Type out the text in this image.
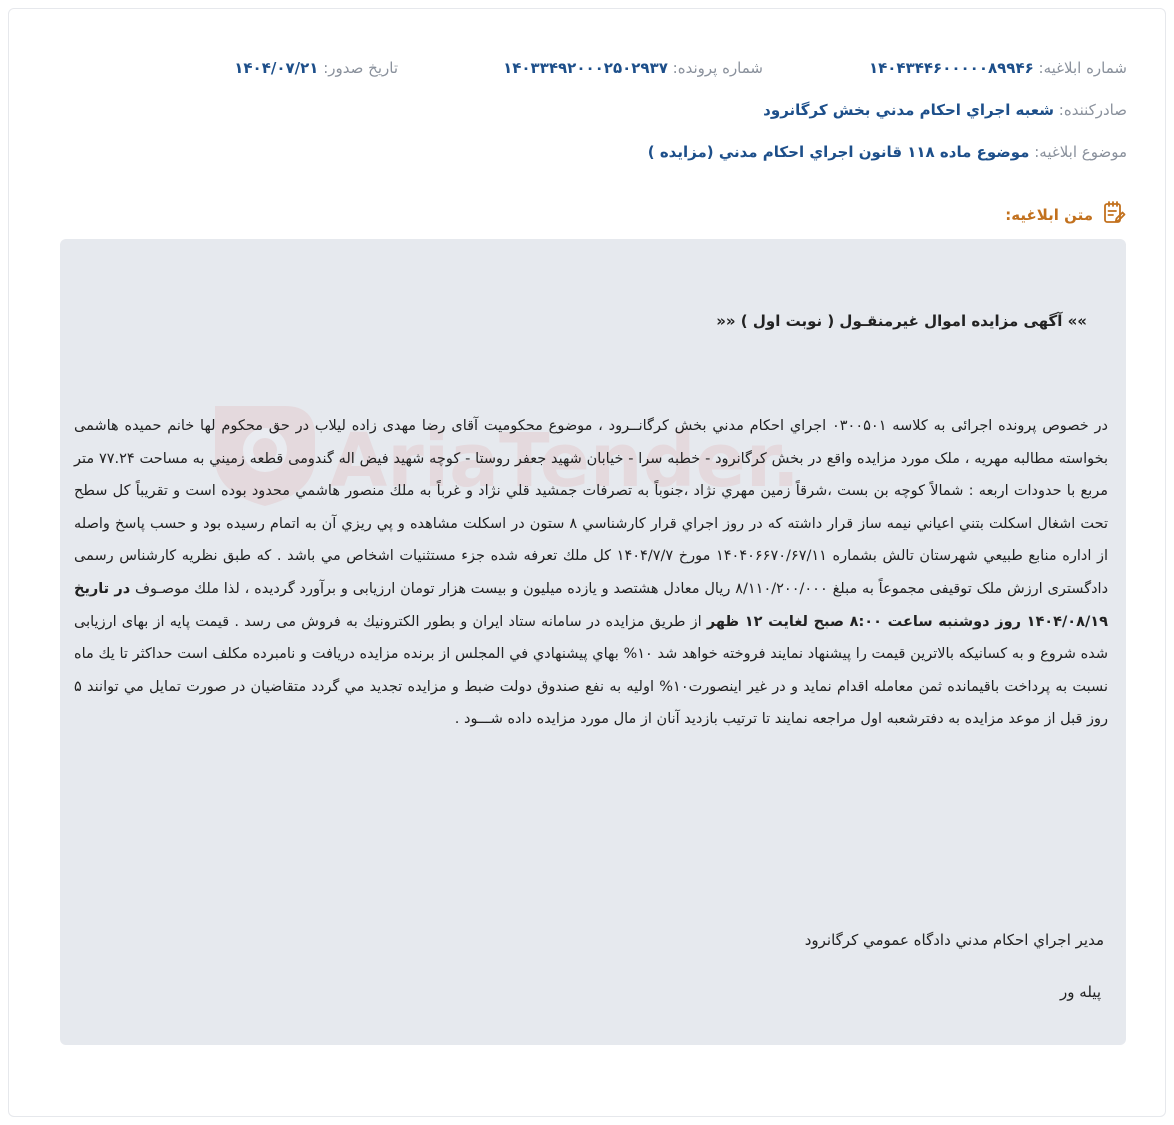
شماره ابلاغیه: ۱۴۰۴۳۴۴۶۰۰۰۰۰۸۹۹۴۶
شماره پرونده: ۱۴۰۳۳۴۹۲۰۰۰۲۵۰۲۹۳۷
تاریخ صدور: ۱۴۰۴/۰۷/۲۱
صادرکننده: شعبه اجراي احكام مدني بخش كرگانرود
موضوع ابلاغیه: موضوع ماده ۱۱۸ قانون اجراي احكام مدني (مزايده )
متن ابلاغیه:
»» آگهی مزايده اموال غيرمنقـول ( نوبت اول ) ««
در خصوص پرونده اجرائی به كلاسه ۰۳۰۰۵۰۱ اجراي احكام مدني بخش كرگانــرود ، موضوع محكوميت آقای رضا مهدی زاده ليلاب در حق محكوم لها خانم حميده هاشمی بخواسته مطالبه مهريه ، ملک مورد مزايده واقع در بخش کرگانرود - خطبه سرا - خيابان شهيد جعفر روستا - كوچه شهيد فيض اله گندومی قطعه زميني به مساحت ۷۷.۲۴ متر مربع با حدودات اربعه : شمالاً کوچه بن بست ،شرقاً زمين مهري نژاد ،جنوباً به تصرفات جمشيد قلي نژاد و غرباً به ملك منصور هاشمي محدود بوده است و تقريباً كل سطح تحت اشغال اسكلت بتني اعياني نيمه ساز قرار داشته كه در روز اجراي قرار كارشناسي ۸ ستون در اسكلت مشاهده و پي ريزي آن به اتمام رسيده بود و حسب پاسخ واصله از اداره منابع طبيعي شهرستان تالش بشماره ۱۴۰۴۰۶۶۷۰/۶۷/۱۱ مورخ ۱۴۰۴/۷/۷ كل ملك تعرفه شده جزء مستثنيات اشخاص مي باشد . كه طبق نظريه كارشناس رسمی دادگستری ارزش ملک توقيفی مجموعاً به مبلغ ۸/۱۱۰/۲۰۰/۰۰۰ ريال معادل هشتصد و يازده ميليون و بيست هزار تومان ارزيابی و برآورد گرديده ، لذا ملك موصـوف در تاريخ ۱۴۰۴/۰۸/۱۹ روز دوشنبه ساعت ۸:۰۰ صبح لغايت ۱۲ ظهر از طريق مزايده در سامانه ستاد ايران و بطور الكترونيك به فروش می رسد . قيمت پايه از بهای ارزيابی شده شروع و به كسانيكه بالاترين قيمت را پيشنهاد نمايند فروخته خواهد شد ۱۰% بهاي پيشنهادي في المجلس از برنده مزايده دريافت و نامبرده مكلف است حداكثر تا يك ماه نسبت به پرداخت باقيمانده ثمن معامله اقدام نمايد و در غير اينصورت۱۰% اوليه به نفع صندوق دولت ضبط و مزايده تجديد مي گردد متقاضيان در صورت تمايل مي توانند ۵ روز قبل از موعد مزايده به دفترشعبه اول مراجعه نمايند تا ترتيب بازديد آنان از مال مورد مزايده داده شـــود .
مدير اجراي احكام مدني دادگاه عمومي كرگانرود
پيله ور
